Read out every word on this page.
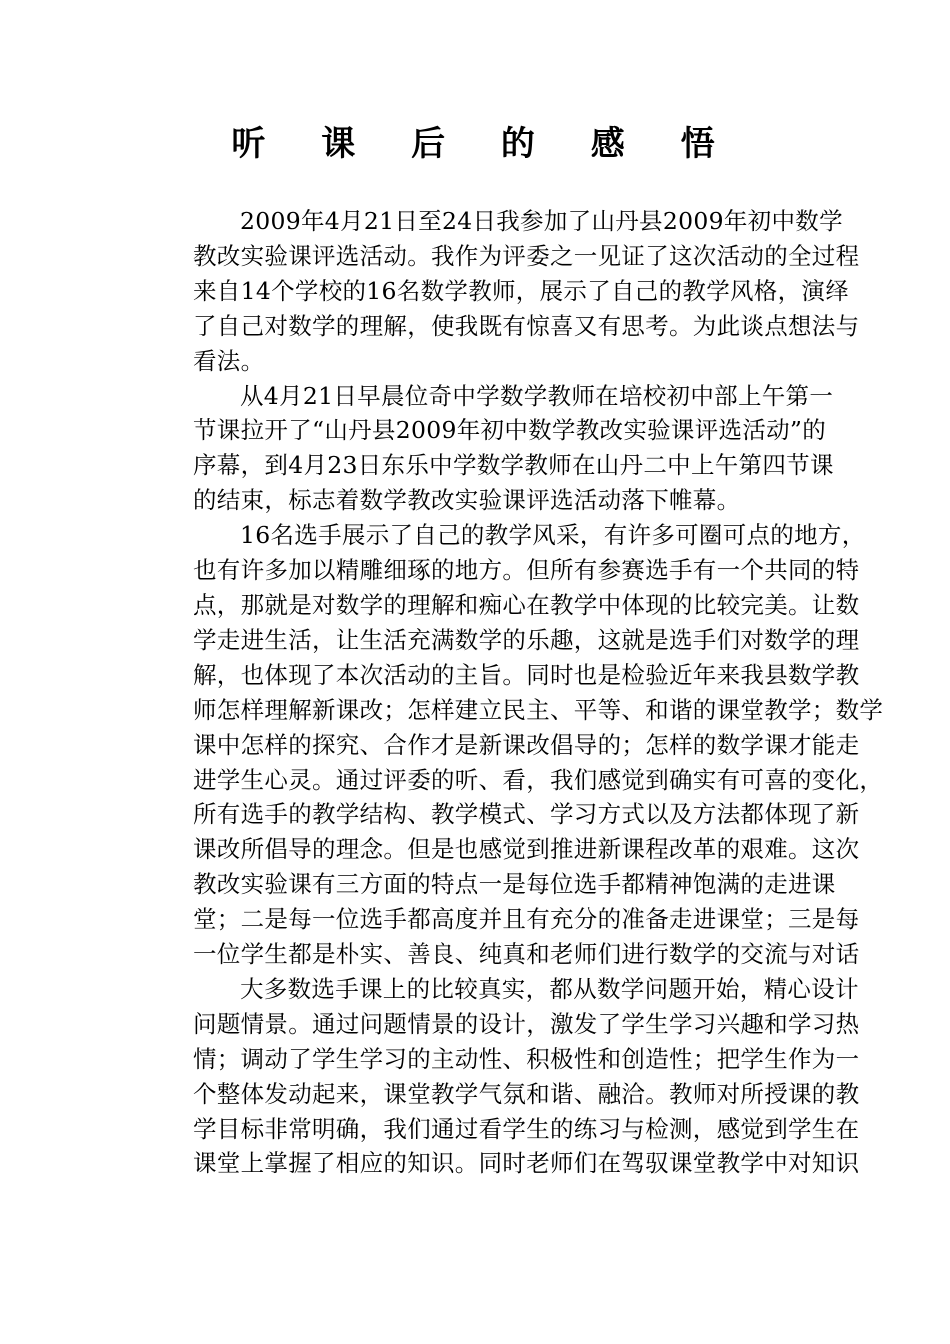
听 课 后 的 感 悟
2009年4月21日至24日我参加了山丹县2009年初中数学
教改实验课评选活动。我作为评委之一见证了这次活动的全过程
来自14个学校的16名数学教师，展示了自己的教学风格，演绎
了自己对数学的理解，使我既有惊喜又有思考。为此谈点想法与
看法。
从4月21日早晨位奇中学数学教师在培校初中部上午第一
节课拉开了“山丹县2009年初中数学教改实验课评选活动”的
序幕，到4月23日东乐中学数学教师在山丹二中上午第四节课
的结束，标志着数学教改实验课评选活动落下帷幕。
16名选手展示了自己的教学风采，有许多可圈可点的地方，
也有许多加以精雕细琢的地方。但所有参赛选手有一个共同的特
点，那就是对数学的理解和痴心在教学中体现的比较完美。让数
学走进生活，让生活充满数学的乐趣，这就是选手们对数学的理
解，也体现了本次活动的主旨。同时也是检验近年来我县数学教
师怎样理解新课改；怎样建立民主、平等、和谐的课堂教学；数学
课中怎样的探究、合作才是新课改倡导的；怎样的数学课才能走
进学生心灵。通过评委的听、看，我们感觉到确实有可喜的变化，
所有选手的教学结构、教学模式、学习方式以及方法都体现了新
课改所倡导的理念。但是也感觉到推进新课程改革的艰难。这次
教改实验课有三方面的特点一是每位选手都精神饱满的走进课
堂；二是每一位选手都高度并且有充分的准备走进课堂；三是每
一位学生都是朴实、善良、纯真和老师们进行数学的交流与对话
大多数选手课上的比较真实，都从数学问题开始，精心设计
问题情景。通过问题情景的设计，激发了学生学习兴趣和学习热
情；调动了学生学习的主动性、积极性和创造性；把学生作为一
个整体发动起来，课堂教学气氛和谐、融洽。教师对所授课的教
学目标非常明确，我们通过看学生的练习与检测，感觉到学生在
课堂上掌握了相应的知识。同时老师们在驾驭课堂教学中对知识
